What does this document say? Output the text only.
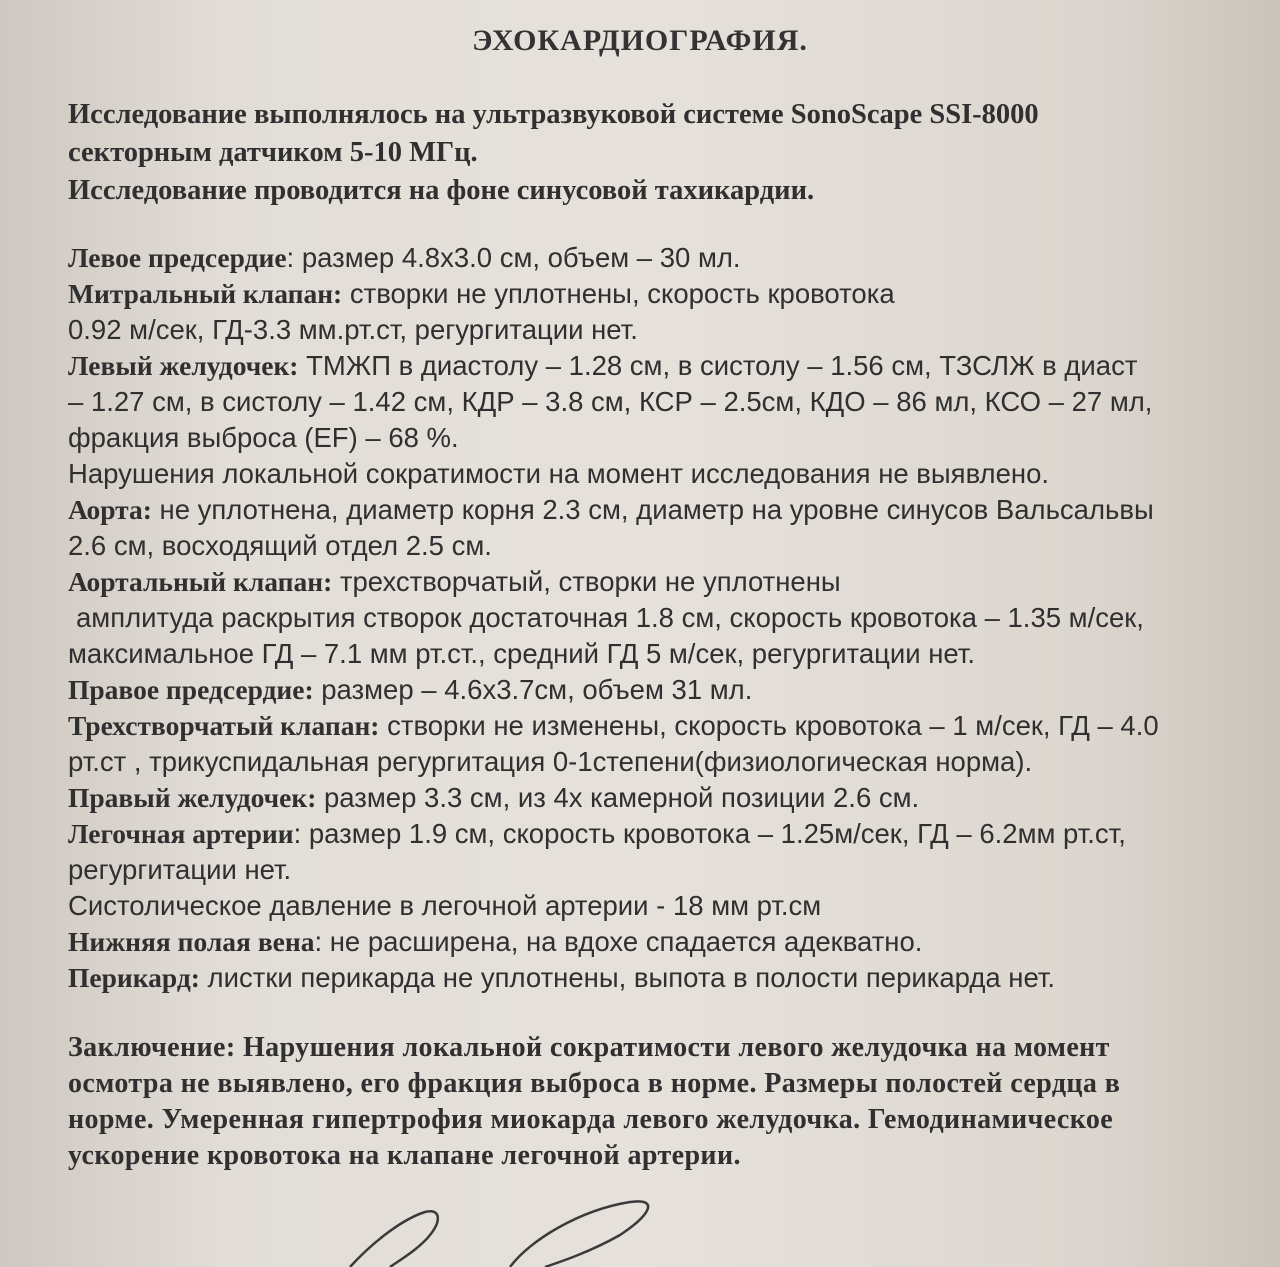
ЭХОКАРДИОГРАФИЯ.
Исследование выполнялось на ультразвуковой системе SonoScape SSI-8000
секторным датчиком 5-10 МГц.
Исследование проводится на фоне синусовой тахикардии.
Левое предсердие: размер 4.8х3.0 см, объем – 30 мл.
Митральный клапан: створки не уплотнены, скорость кровотока
0.92 м/сек, ГД-3.3 мм.рт.ст, регургитации нет.
Левый желудочек: ТМЖП в диастолу – 1.28 см, в систолу – 1.56 см, ТЗСЛЖ в диаст
– 1.27 см, в систолу – 1.42 см, КДР – 3.8 см, КСР – 2.5см, КДО – 86 мл, КСО – 27 мл,
фракция выброса (EF) – 68 %.
Нарушения локальной сократимости на момент исследования не выявлено.
Аорта: не уплотнена, диаметр корня 2.3 см, диаметр на уровне синусов Вальсальвы
2.6 см, восходящий отдел 2.5 см.
Аортальный клапан: трехстворчатый, створки не уплотнены
амплитуда раскрытия створок достаточная 1.8 см, скорость кровотока – 1.35 м/сек,
максимальное ГД – 7.1 мм рт.ст., средний ГД 5 м/сек, регургитации нет.
Правое предсердие: размер – 4.6х3.7см, объем 31 мл.
Трехстворчатый клапан: створки не изменены, скорость кровотока – 1 м/сек, ГД – 4.0
рт.ст , трикуспидальная регургитация 0-1степени(физиологическая норма).
Правый желудочек: размер 3.3 см, из 4х камерной позиции 2.6 см.
Легочная артерии: размер 1.9 см, скорость кровотока – 1.25м/сек, ГД – 6.2мм рт.ст,
регургитации нет.
Систолическое давление в легочной артерии - 18 мм рт.см
Нижняя полая вена: не расширена, на вдохе спадается адекватно.
Перикард: листки перикарда не уплотнены, выпота в полости перикарда нет.
Заключение: Нарушения локальной сократимости левого желудочка на момент
осмотра не выявлено, его фракция выброса в норме. Размеры полостей сердца в
норме. Умеренная гипертрофия миокарда левого желудочка. Гемодинамическое
ускорение кровотока на клапане легочной артерии.
